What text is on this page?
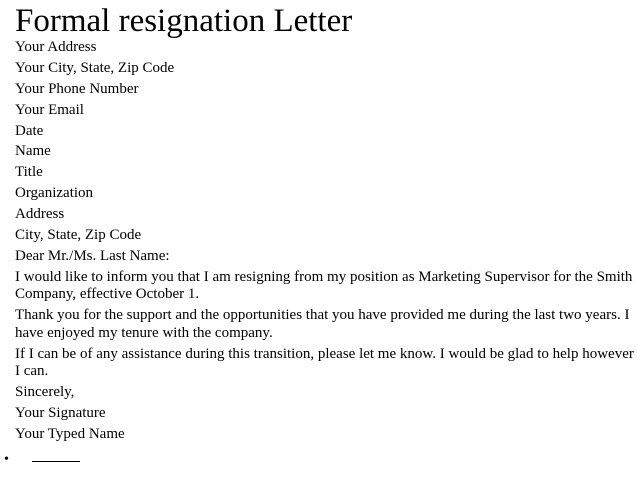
Formal resignation Letter
Your Address
Your City, State, Zip Code
Your Phone Number
Your Email
Date
Name
Title
Organization
Address
City, State, Zip Code
Dear Mr./Ms. Last Name:
I would like to inform you that I am resigning from my position as Marketing Supervisor for the Smith Company, effective October 1.
Thank you for the support and the opportunities that you have provided me during the last two years. I have enjoyed my tenure with the company.
If I can be of any assistance during this transition, please let me know. I would be glad to help however I can.
Sincerely,
Your Signature
Your Typed Name
•
